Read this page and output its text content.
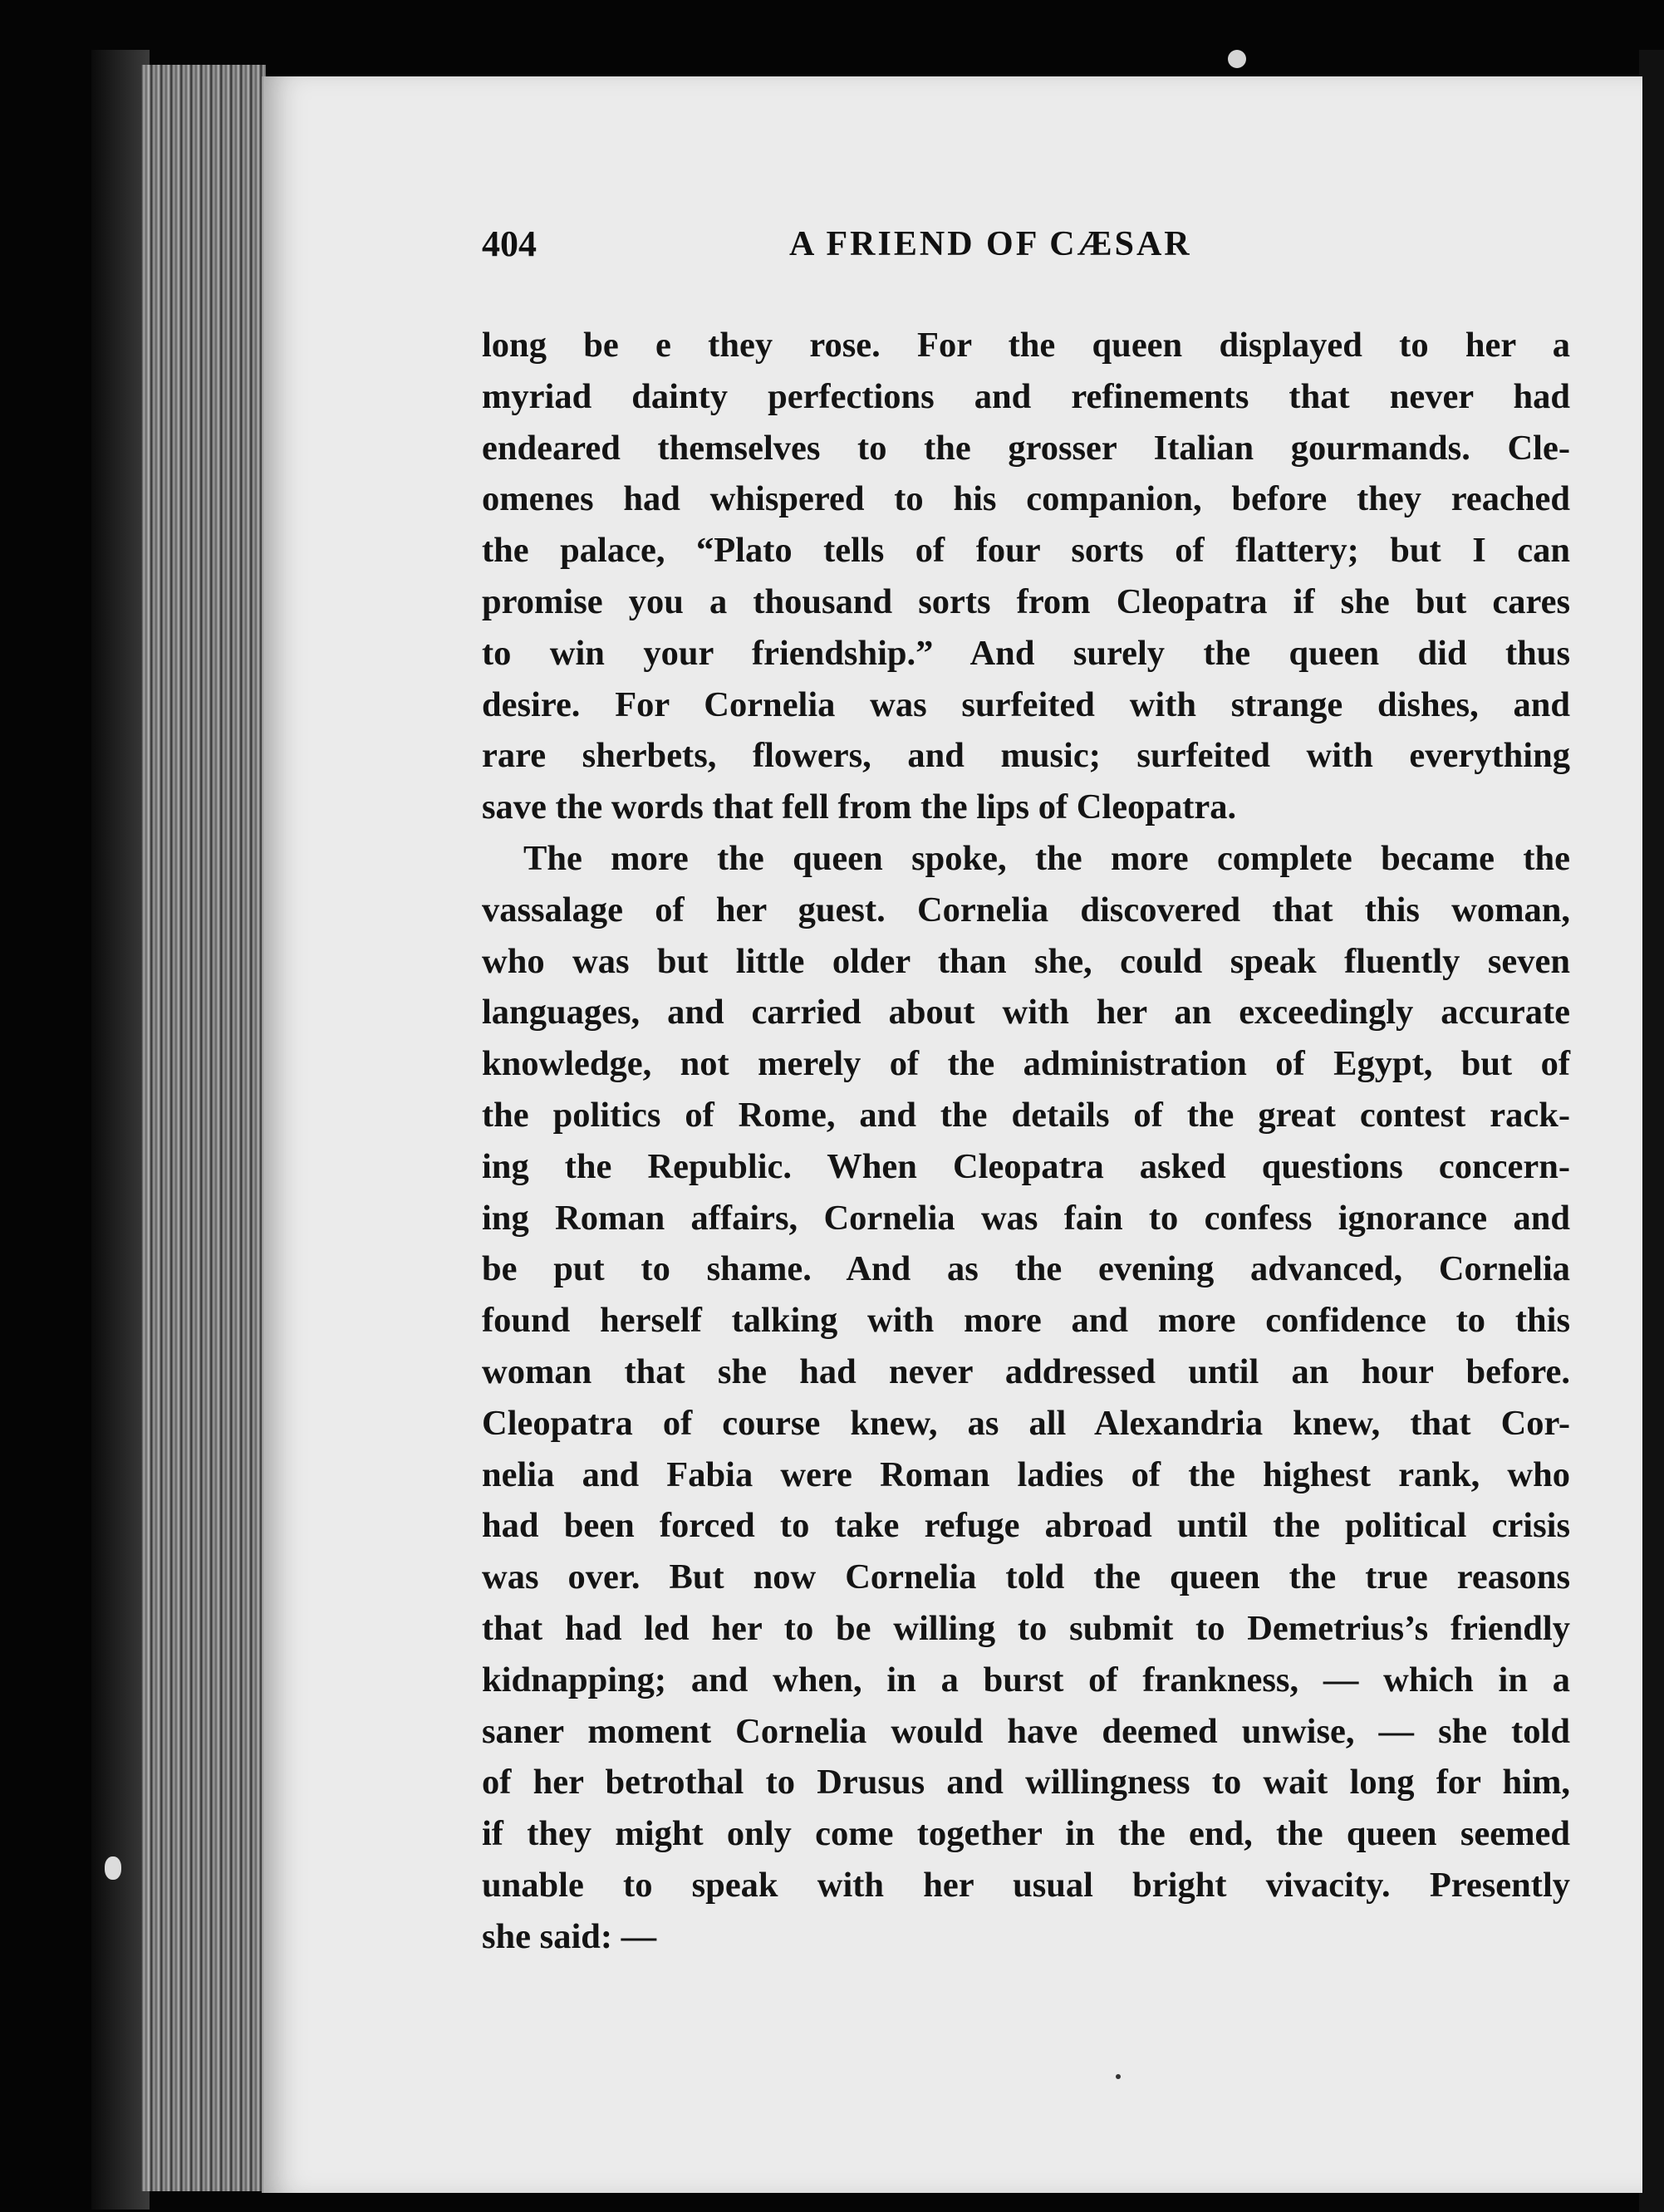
404	A FRIEND OF CÆSAR
long be e they rose. For the queen displayed to her a
myriad dainty perfections and refinements that never had
endeared themselves to the grosser Italian gourmands. Cle-
omenes had whispered to his companion, before they reached
the palace, “Plato tells of four sorts of flattery; but I can
promise you a thousand sorts from Cleopatra if she but cares
to win your friendship.” And surely the queen did thus
desire. For Cornelia was surfeited with strange dishes, and
rare sherbets, flowers, and music; surfeited with everything
save the words that fell from the lips of Cleopatra.
The more the queen spoke, the more complete became the
vassalage of her guest. Cornelia discovered that this woman,
who was but little older than she, could speak fluently seven
languages, and carried about with her an exceedingly accurate
knowledge, not merely of the administration of Egypt, but of
the politics of Rome, and the details of the great contest rack-
ing the Republic. When Cleopatra asked questions concern-
ing Roman affairs, Cornelia was fain to confess ignorance and
be put to shame. And as the evening advanced, Cornelia
found herself talking with more and more confidence to this
woman that she had never addressed until an hour before.
Cleopatra of course knew, as all Alexandria knew, that Cor-
nelia and Fabia were Roman ladies of the highest rank, who
had been forced to take refuge abroad until the political crisis
was over. But now Cornelia told the queen the true reasons
that had led her to be willing to submit to Demetrius’s friendly
kidnapping; and when, in a burst of frankness, — which in a
saner moment Cornelia would have deemed unwise, — she told
of her betrothal to Drusus and willingness to wait long for him,
if they might only come together in the end, the queen seemed
unable to speak with her usual bright vivacity. Presently
she said: —
